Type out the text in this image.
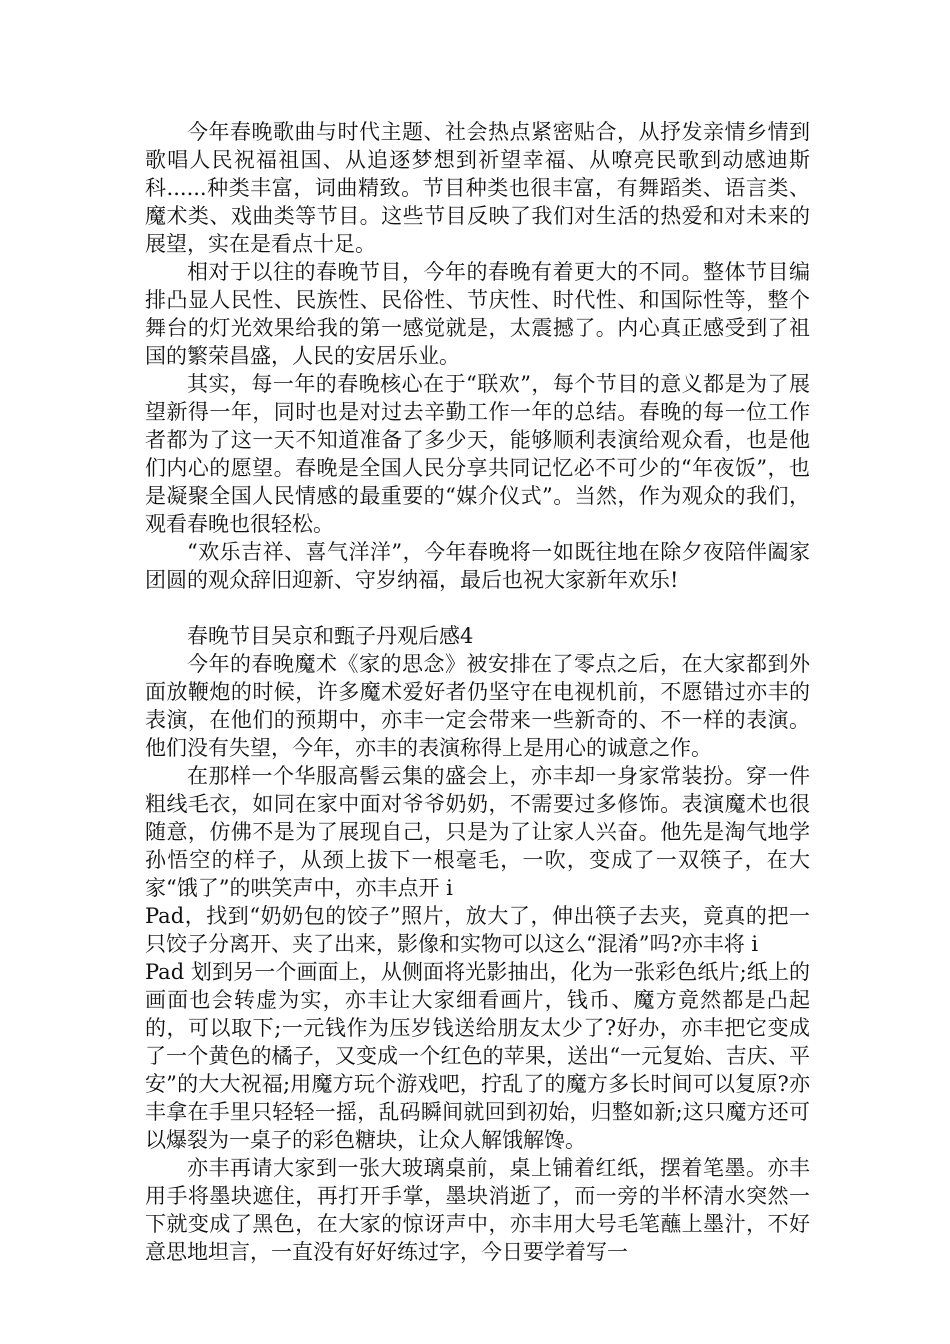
今年春晚歌曲与时代主题、社会热点紧密贴合，从抒发亲情乡情到歌唱人民祝福祖国、从追逐梦想到祈望幸福、从嘹亮民歌到动感迪斯科......种类丰富，词曲精致。节目种类也很丰富，有舞蹈类、语言类、魔术类、戏曲类等节目。这些节目反映了我们对生活的热爱和对未来的展望，实在是看点十足。

相对于以往的春晚节目，今年的春晚有着更大的不同。整体节目编排凸显人民性、民族性、民俗性、节庆性、时代性、和国际性等，整个舞台的灯光效果给我的第一感觉就是，太震撼了。内心真正感受到了祖国的繁荣昌盛，人民的安居乐业。

其实，每一年的春晚核心在于“联欢”，每个节目的意义都是为了展望新得一年，同时也是对过去辛勤工作一年的总结。春晚的每一位工作者都为了这一天不知道准备了多少天，能够顺利表演给观众看，也是他们内心的愿望。春晚是全国人民分享共同记忆必不可少的“年夜饭”，也是凝聚全国人民情感的最重要的“媒介仪式”。当然，作为观众的我们，观看春晚也很轻松。

“欢乐吉祥、喜气洋洋”，今年春晚将一如既往地在除夕夜陪伴阖家团圆的观众辞旧迎新、守岁纳福，最后也祝大家新年欢乐!

春晚节目吴京和甄子丹观后感4

今年的春晚魔术《家的思念》被安排在了零点之后，在大家都到外面放鞭炮的时候，许多魔术爱好者仍坚守在电视机前，不愿错过亦丰的表演，在他们的预期中，亦丰一定会带来一些新奇的、不一样的表演。他们没有失望，今年，亦丰的表演称得上是用心的诚意之作。

在那样一个华服高髻云集的盛会上，亦丰却一身家常装扮。穿一件粗线毛衣，如同在家中面对爷爷奶奶，不需要过多修饰。表演魔术也很随意，仿佛不是为了展现自己，只是为了让家人兴奋。他先是淘气地学孙悟空的样子，从颈上拔下一根毫毛，一吹，变成了一双筷子，在大家“饿了”的哄笑声中，亦丰点开 i

Pad，找到“奶奶包的饺子”照片，放大了，伸出筷子去夹，竟真的把一只饺子分离开、夹了出来，影像和实物可以这么“混淆”吗?亦丰将 i

Pad 划到另一个画面上，从侧面将光影抽出，化为一张彩色纸片;纸上的画面也会转虚为实，亦丰让大家细看画片，钱币、魔方竟然都是凸起的，可以取下;一元钱作为压岁钱送给朋友太少了?好办，亦丰把它变成了一个黄色的橘子，又变成一个红色的苹果，送出“一元复始、吉庆、平安”的大大祝福;用魔方玩个游戏吧，拧乱了的魔方多长时间可以复原?亦丰拿在手里只轻轻一摇，乱码瞬间就回到初始，归整如新;这只魔方还可以爆裂为一桌子的彩色糖块，让众人解饿解馋。

亦丰再请大家到一张大玻璃桌前，桌上铺着红纸，摆着笔墨。亦丰用手将墨块遮住，再打开手掌，墨块消逝了，而一旁的半杯清水突然一下就变成了黑色，在大家的惊讶声中，亦丰用大号毛笔蘸上墨汁，不好意思地坦言，一直没有好好练过字，今日要学着写一
